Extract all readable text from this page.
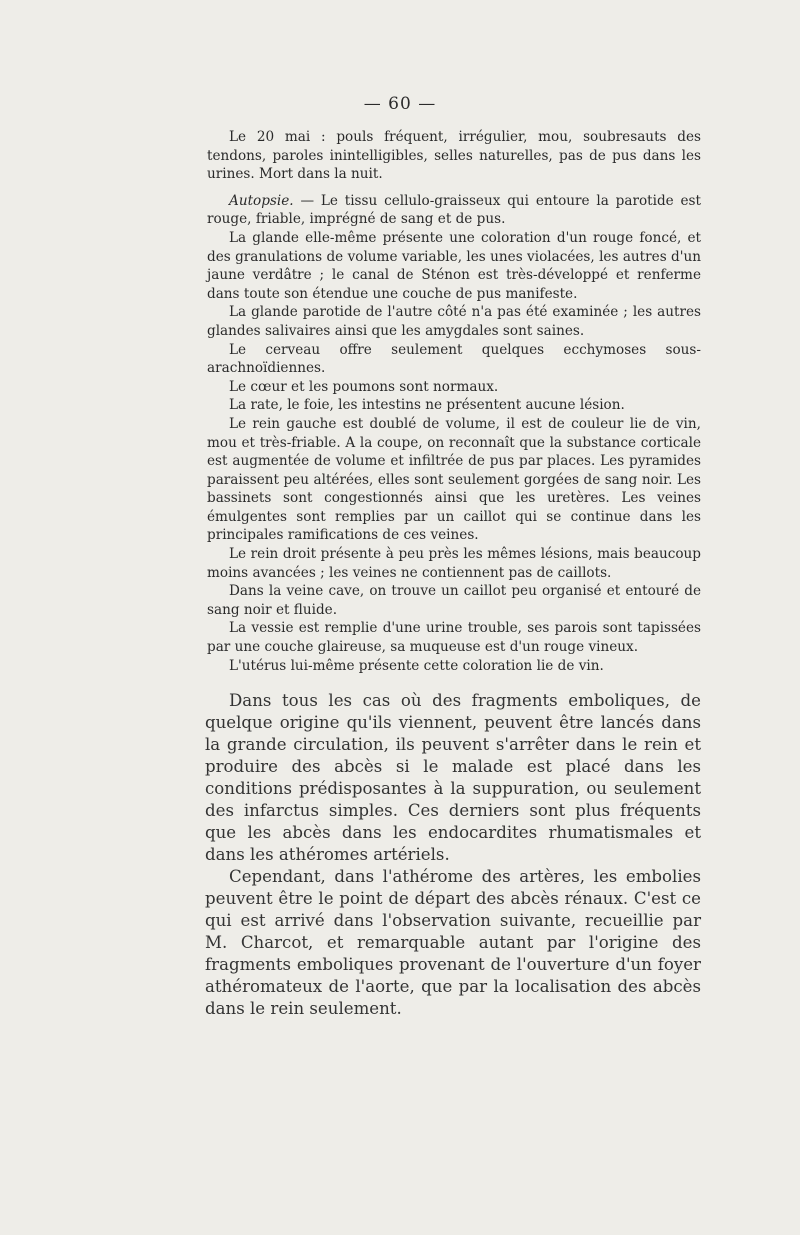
— 60 —

Le 20 mai : pouls fréquent, irrégulier, mou, soubresauts des tendons, paroles inintelligibles, selles naturelles, pas de pus dans les urines. Mort dans la nuit.

Autopsie. — Le tissu cellulo-graisseux qui entoure la parotide est rouge, friable, imprégné de sang et de pus.

La glande elle-même présente une coloration d'un rouge foncé, et des granulations de volume variable, les unes violacées, les autres d'un jaune verdâtre ; le canal de Sténon est très-développé et renferme dans toute son étendue une couche de pus manifeste.

La glande parotide de l'autre côté n'a pas été examinée ; les autres glandes salivaires ainsi que les amygdales sont saines.

Le cerveau offre seulement quelques ecchymoses sous-arachnoïdiennes.

Le cœur et les poumons sont normaux.

La rate, le foie, les intestins ne présentent aucune lésion.

Le rein gauche est doublé de volume, il est de couleur lie de vin, mou et très-friable. A la coupe, on reconnaît que la substance corticale est augmentée de volume et infiltrée de pus par places. Les pyramides paraissent peu altérées, elles sont seulement gorgées de sang noir. Les bassinets sont congestionnés ainsi que les uretères. Les veines émulgentes sont remplies par un caillot qui se continue dans les principales ramifications de ces veines.

Le rein droit présente à peu près les mêmes lésions, mais beaucoup moins avancées ; les veines ne contiennent pas de caillots.

Dans la veine cave, on trouve un caillot peu organisé et entouré de sang noir et fluide.

La vessie est remplie d'une urine trouble, ses parois sont tapissées par une couche glaireuse, sa muqueuse est d'un rouge vineux.

L'utérus lui-même présente cette coloration lie de vin.

Dans tous les cas où des fragments emboliques, de quelque origine qu'ils viennent, peuvent être lancés dans la grande circulation, ils peuvent s'arrêter dans le rein et produire des abcès si le malade est placé dans les conditions prédisposantes à la suppuration, ou seulement des infarctus simples. Ces derniers sont plus fréquents que les abcès dans les endocardites rhumatismales et dans les athéromes artériels.

Cependant, dans l'athérome des artères, les embolies peuvent être le point de départ des abcès rénaux. C'est ce qui est arrivé dans l'observation suivante, recueillie par M. Charcot, et remarquable autant par l'origine des fragments emboliques provenant de l'ouverture d'un foyer athéromateux de l'aorte, que par la localisation des abcès dans le rein seulement.
